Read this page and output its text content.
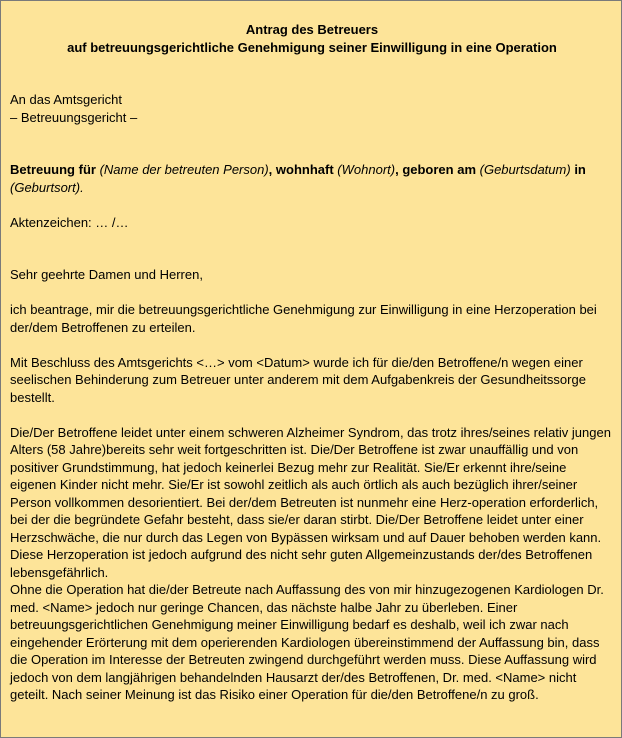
Antrag des Betreuers
auf betreuungsgerichtliche Genehmigung seiner Einwilligung in eine Operation
An das Amtsgericht
– Betreuungsgericht –
Betreuung für (Name der betreuten Person), wohnhaft (Wohnort), geboren am (Geburtsdatum) in (Geburtsort).
Aktenzeichen: … /…
Sehr geehrte Damen und Herren,
ich beantrage, mir die betreuungsgerichtliche Genehmigung zur Einwilligung in eine Herzoperation bei der/dem Betroffenen zu erteilen.
Mit Beschluss des Amtsgerichts <…> vom <Datum> wurde ich für die/den Betroffene/n wegen einer seelischen Behinderung zum Betreuer unter anderem mit dem Aufgabenkreis der Gesundheitssorge bestellt.
Die/Der Betroffene leidet unter einem schweren Alzheimer Syndrom, das trotz ihres/seines relativ jungen Alters (58 Jahre)bereits sehr weit fortgeschritten ist. Die/Der Betroffene ist zwar unauffällig und von positiver Grundstimmung, hat jedoch keinerlei Bezug mehr zur Realität. Sie/Er erkennt ihre/seine eigenen Kinder nicht mehr. Sie/Er ist sowohl zeitlich als auch örtlich als auch bezüglich ihrer/seiner Person vollkommen desorientiert. Bei der/dem Betreuten ist nunmehr eine Herz-operation erforderlich, bei der die begründete Gefahr besteht, dass sie/er daran stirbt. Die/Der Betroffene leidet unter einer Herzschwäche, die nur durch das Legen von Bypässen wirksam und auf Dauer behoben werden kann. Diese Herzoperation ist jedoch aufgrund des nicht sehr guten Allgemeinzustands der/des Betroffenen lebensgefährlich.
Ohne die Operation hat die/der Betreute nach Auffassung des von mir hinzugezogenen Kardiologen Dr. med. <Name> jedoch nur geringe Chancen, das nächste halbe Jahr zu überleben. Einer betreuungsgerichtlichen Genehmigung meiner Einwilligung bedarf es deshalb, weil ich zwar nach eingehender Erörterung mit dem operierenden Kardiologen übereinstimmend der Auffassung bin, dass die Operation im Interesse der Betreuten zwingend durchgeführt werden muss. Diese Auffassung wird jedoch von dem langjährigen behandelnden Hausarzt der/des Betroffenen, Dr. med. <Name> nicht geteilt. Nach seiner Meinung ist das Risiko einer Operation für die/den Betroffene/n zu groß.
